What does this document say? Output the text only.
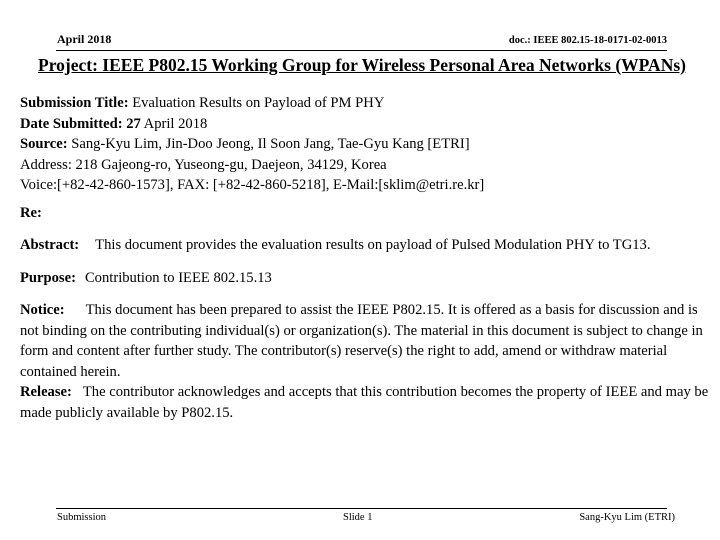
April 2018	doc.: IEEE 802.15-18-0171-02-0013
Project: IEEE P802.15 Working Group for Wireless Personal Area Networks (WPANs)

Submission Title: Evaluation Results on Payload of PM PHY

Date Submitted: 27 April 2018

Source: Sang-Kyu Lim, Jin-Doo Jeong, Il Soon Jang, Tae-Gyu Kang [ETRI]

Address: 218 Gajeong-ro, Yuseong-gu, Daejeon, 34129, Korea

Voice:[+82-42-860-1573], FAX: [+82-42-860-5218], E-Mail:[sklim@etri.re.kr]

Re:

Abstract: This document provides the evaluation results on payload of Pulsed Modulation PHY to TG13.

Purpose: Contribution to IEEE 802.15.13

Notice: This document has been prepared to assist the IEEE P802.15. It is offered as a basis for discussion and is not binding on the contributing individual(s) or organization(s). The material in this document is subject to change in form and content after further study. The contributor(s) reserve(s) the right to add, amend or withdraw material contained herein.

Release: The contributor acknowledges and accepts that this contribution becomes the property of IEEE and may be made publicly available by P802.15.

Submission	Slide 1	Sang-Kyu Lim (ETRI)
